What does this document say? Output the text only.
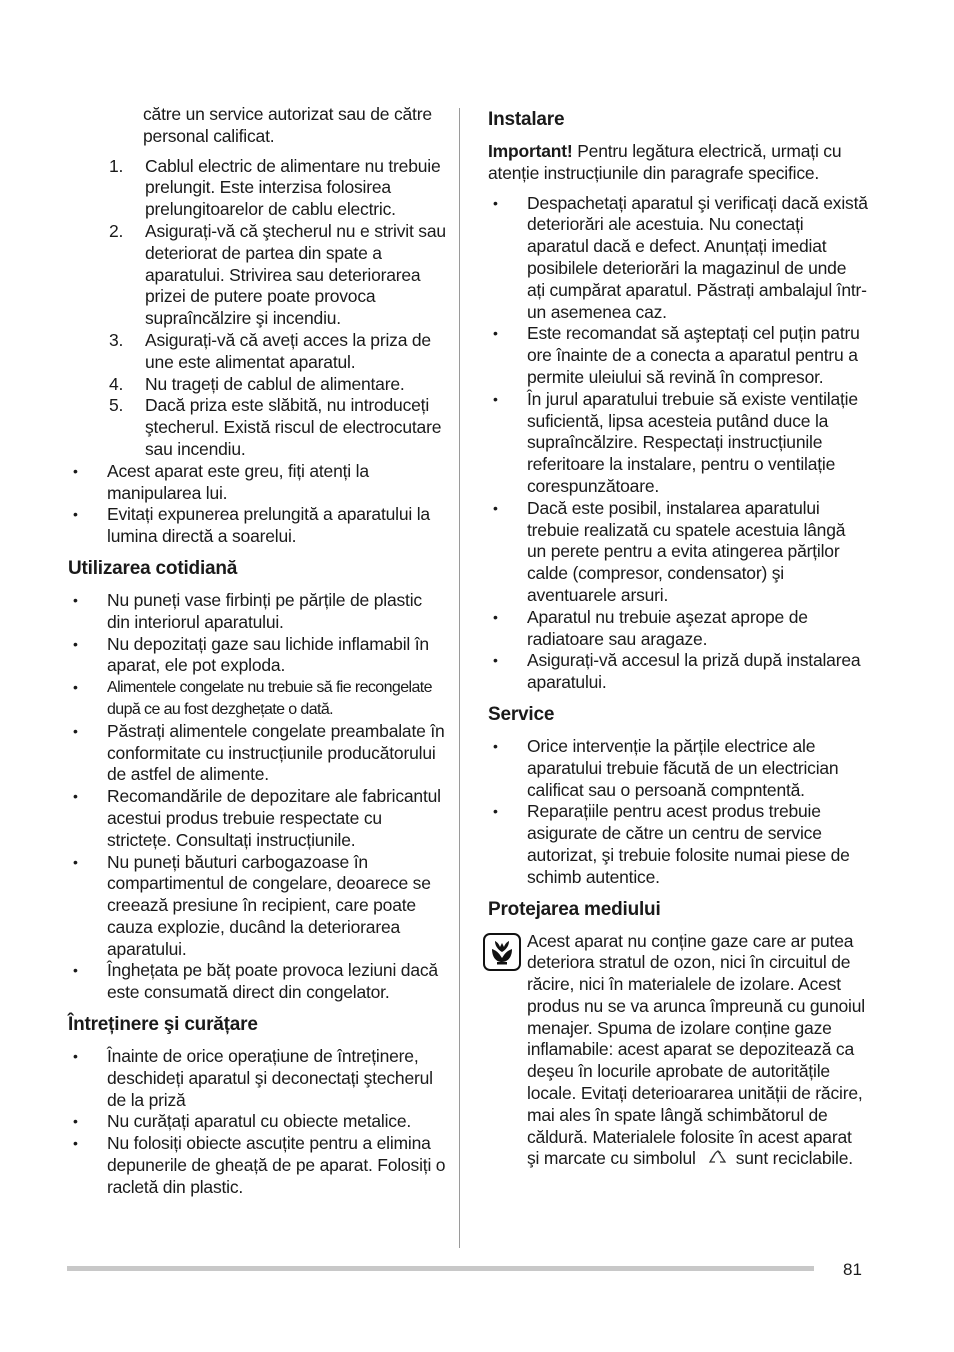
către un service autorizat sau de către personal calificat.
1. Cablul electric de alimentare nu trebuie prelungit. Este interzisa folosirea prelungitoarelor de cablu electric.
2. Asigurați-vă că ştecherul nu e strivit sau deteriorat de partea din spate a aparatului. Strivirea sau deteriorarea prizei de putere poate provoca supraîncălzire şi incendiu.
3. Asigurați-vă că aveți acces la priza de une este alimentat aparatul.
4. Nu trageți de cablul de alimentare.
5. Dacă priza este slăbită, nu introduceți ştecherul. Există riscul de electrocutare sau incendiu.
• Acest aparat este greu, fiți atenți la manipularea lui.
• Evitați expunerea prelungită a aparatului la lumina directă a soarelui.
Utilizarea cotidiană
• Nu puneți vase firbinți pe părțile de plastic din interiorul aparatului.
• Nu depozitați gaze sau lichide inflamabil în aparat, ele pot exploda.
• Alimentele congelate nu trebuie să fie recongelate după ce au fost dezghețate o dată.
• Păstrați alimentele congelate preambalate în conformitate cu instrucțiunile producătorului de astfel de alimente.
• Recomandările de depozitare ale fabricantul acestui produs trebuie respectate cu strictețe. Consultați instrucțiunile.
• Nu puneți băuturi carbogazoase în compartimentul de congelare, deoarece se creează presiune în recipient, care poate cauza explozie, ducând la deteriorarea aparatului.
• Înghețata pe băț poate provoca leziuni dacă este consumată direct din congelator.
Întreținere şi curățare
• Înainte de orice operațiune de întreținere, deschideți aparatul şi deconectați ştecherul de la priză
• Nu curățați aparatul cu obiecte metalice.
• Nu folosiți obiecte ascuțite pentru a elimina depunerile de gheață de pe aparat. Folosiți o racletă din plastic.
Instalare

Important! Pentru legătura electrică, urmați cu atenție instrucțiunile din paragrafe specifice.

• Despachetați aparatul şi verificați dacă există deteriorări ale acestuia. Nu conectați aparatul dacă e defect. Anunțați imediat posibilele deteriorări la magazinul de unde ați cumpărat aparatul. Păstrați ambalajul într-un asemenea caz.
• Este recomandat să aşteptați cel puțin patru ore înainte de a conecta a aparatul pentru a permite uleiului să revină în compresor.
• În jurul aparatului trebuie să existe ventilație suficientă, lipsa acesteia putând duce la supraîncălzire. Respectați instrucțiunile referitoare la instalare, pentru o ventilație corespunzătoare.
• Dacă este posibil, instalarea aparatului trebuie realizată cu spatele acestuia lângă un perete pentru a evita atingerea părților calde (compresor, condensator) şi aventuarele arsuri.
• Aparatul nu trebuie aşezat aprope de radiatoare sau aragaze.
• Asigurați-vă accesul la priză după instalarea aparatului.
Service
• Orice intervenție la părțile electrice ale aparatului trebuie făcută de un electrician calificat sau o persoană compntentă.
• Reparațiile pentru acest produs trebuie asigurate de către un centru de service autorizat, şi trebuie folosite numai piese de schimb autentice.
Protejarea mediului
Acest aparat nu conține gaze care ar putea deteriora stratul de ozon, nici în circuitul de răcire, nici în materialele de izolare. Acest produs nu se va arunca împreună cu gunoiul menajer. Spuma de izolare conține gaze inflamabile: acest aparat se depozitează ca deşeu în locurile aprobate de autoritățile locale. Evitați deterioararea unității de răcire, mai ales în spate lângă schimbătorul de căldură. Materialele folosite în acest aparat şi marcate cu simbolul sunt reciclabile.
81
